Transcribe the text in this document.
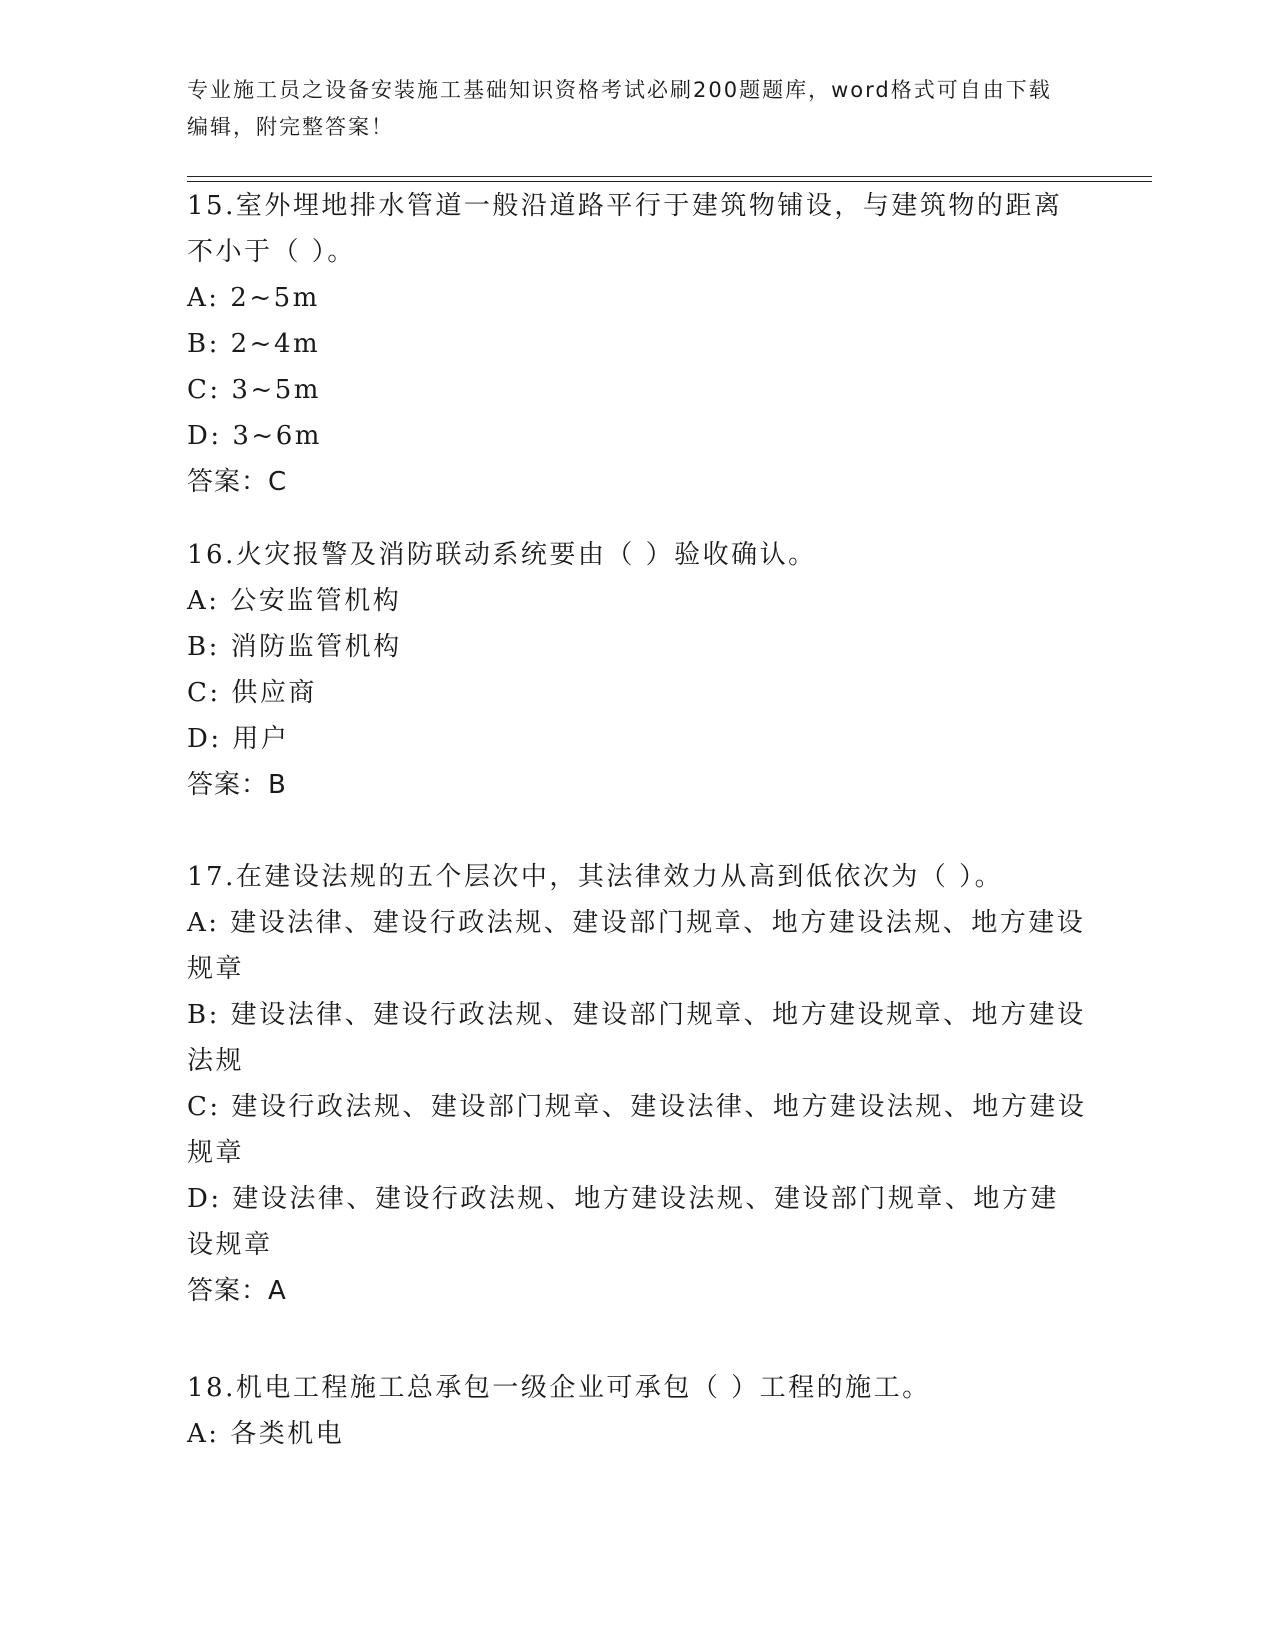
专业施工员之设备安装施工基础知识资格考试必刷200题题库，word格式可自由下载编辑，附完整答案！
15.室外埋地排水管道一般沿道路平行于建筑物铺设，与建筑物的距离不小于（ ）。
A: 2~5m
B: 2~4m
C: 3~5m
D: 3~6m
答案：C
16.火灾报警及消防联动系统要由（ ）验收确认。
A: 公安监管机构
B: 消防监管机构
C: 供应商
D: 用户
答案：B
17.在建设法规的五个层次中，其法律效力从高到低依次为（ ）。
A: 建设法律、建设行政法规、建设部门规章、地方建设法规、地方建设规章
B: 建设法律、建设行政法规、建设部门规章、地方建设规章、地方建设法规
C: 建设行政法规、建设部门规章、建设法律、地方建设法规、地方建设规章
D: 建设法律、建设行政法规、地方建设法规、建设部门规章、地方建设规章
答案：A
18.机电工程施工总承包一级企业可承包（ ）工程的施工。
A: 各类机电
